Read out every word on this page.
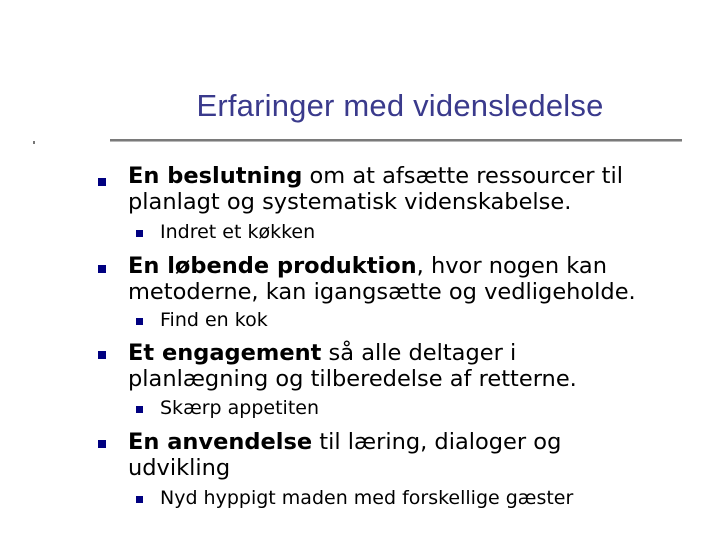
Erfaringer med vidensledelse
En beslutning om at afsætte ressourcer til
planlagt og systematisk videnskabelse.
Indret et køkken
En løbende produktion, hvor nogen kan
metoderne, kan igangsætte og vedligeholde.
Find en kok
Et engagement så alle deltager i
planlægning og tilberedelse af retterne.
Skærp appetiten
En anvendelse til læring, dialoger og
udvikling
Nyd hyppigt maden med forskellige gæster
